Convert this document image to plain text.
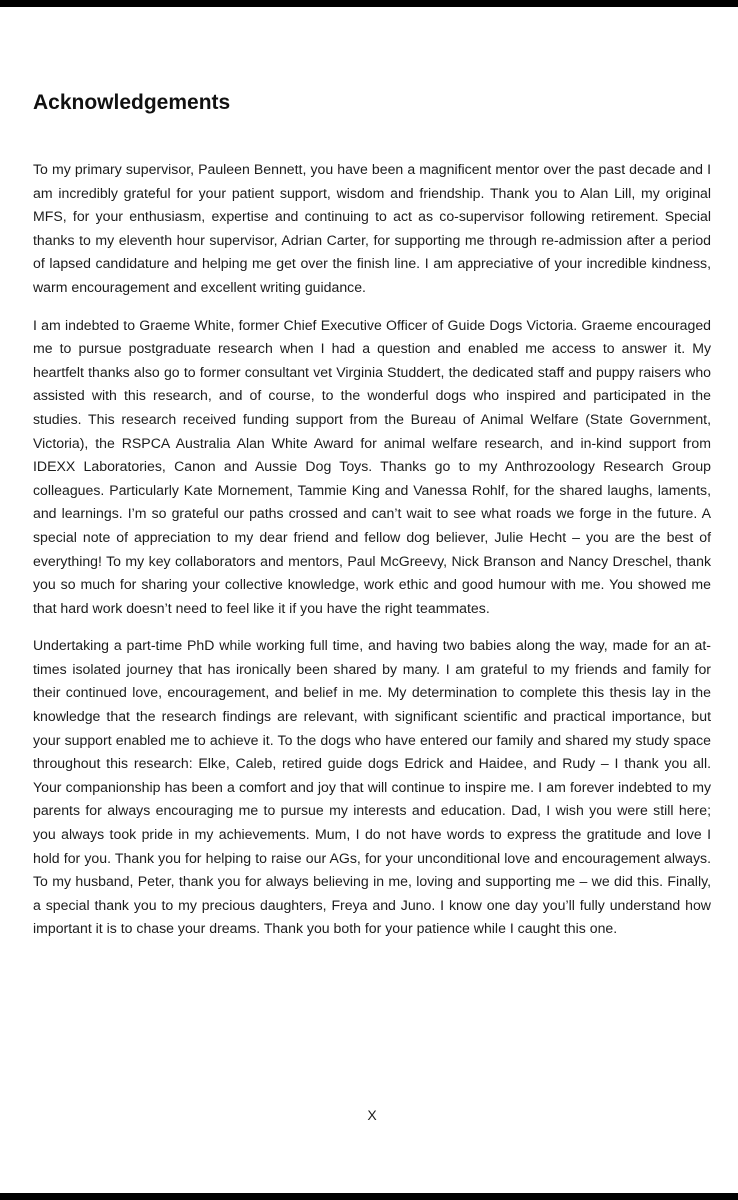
Acknowledgements

To my primary supervisor, Pauleen Bennett, you have been a magnificent mentor over the past decade and I am incredibly grateful for your patient support, wisdom and friendship. Thank you to Alan Lill, my original MFS, for your enthusiasm, expertise and continuing to act as co-supervisor following retirement. Special thanks to my eleventh hour supervisor, Adrian Carter, for supporting me through re-admission after a period of lapsed candidature and helping me get over the finish line. I am appreciative of your incredible kindness, warm encouragement and excellent writing guidance.

I am indebted to Graeme White, former Chief Executive Officer of Guide Dogs Victoria. Graeme encouraged me to pursue postgraduate research when I had a question and enabled me access to answer it. My heartfelt thanks also go to former consultant vet Virginia Studdert, the dedicated staff and puppy raisers who assisted with this research, and of course, to the wonderful dogs who inspired and participated in the studies. This research received funding support from the Bureau of Animal Welfare (State Government, Victoria), the RSPCA Australia Alan White Award for animal welfare research, and in-kind support from IDEXX Laboratories, Canon and Aussie Dog Toys. Thanks go to my Anthrozoology Research Group colleagues. Particularly Kate Mornement, Tammie King and Vanessa Rohlf, for the shared laughs, laments, and learnings. I’m so grateful our paths crossed and can’t wait to see what roads we forge in the future. A special note of appreciation to my dear friend and fellow dog believer, Julie Hecht – you are the best of everything! To my key collaborators and mentors, Paul McGreevy, Nick Branson and Nancy Dreschel, thank you so much for sharing your collective knowledge, work ethic and good humour with me. You showed me that hard work doesn’t need to feel like it if you have the right teammates.

Undertaking a part-time PhD while working full time, and having two babies along the way, made for an at-times isolated journey that has ironically been shared by many. I am grateful to my friends and family for their continued love, encouragement, and belief in me. My determination to complete this thesis lay in the knowledge that the research findings are relevant, with significant scientific and practical importance, but your support enabled me to achieve it. To the dogs who have entered our family and shared my study space throughout this research: Elke, Caleb, retired guide dogs Edrick and Haidee, and Rudy – I thank you all. Your companionship has been a comfort and joy that will continue to inspire me. I am forever indebted to my parents for always encouraging me to pursue my interests and education. Dad, I wish you were still here; you always took pride in my achievements. Mum, I do not have words to express the gratitude and love I hold for you. Thank you for helping to raise our AGs, for your unconditional love and encouragement always. To my husband, Peter, thank you for always believing in me, loving and supporting me – we did this. Finally, a special thank you to my precious daughters, Freya and Juno. I know one day you’ll fully understand how important it is to chase your dreams. Thank you both for your patience while I caught this one.

X
